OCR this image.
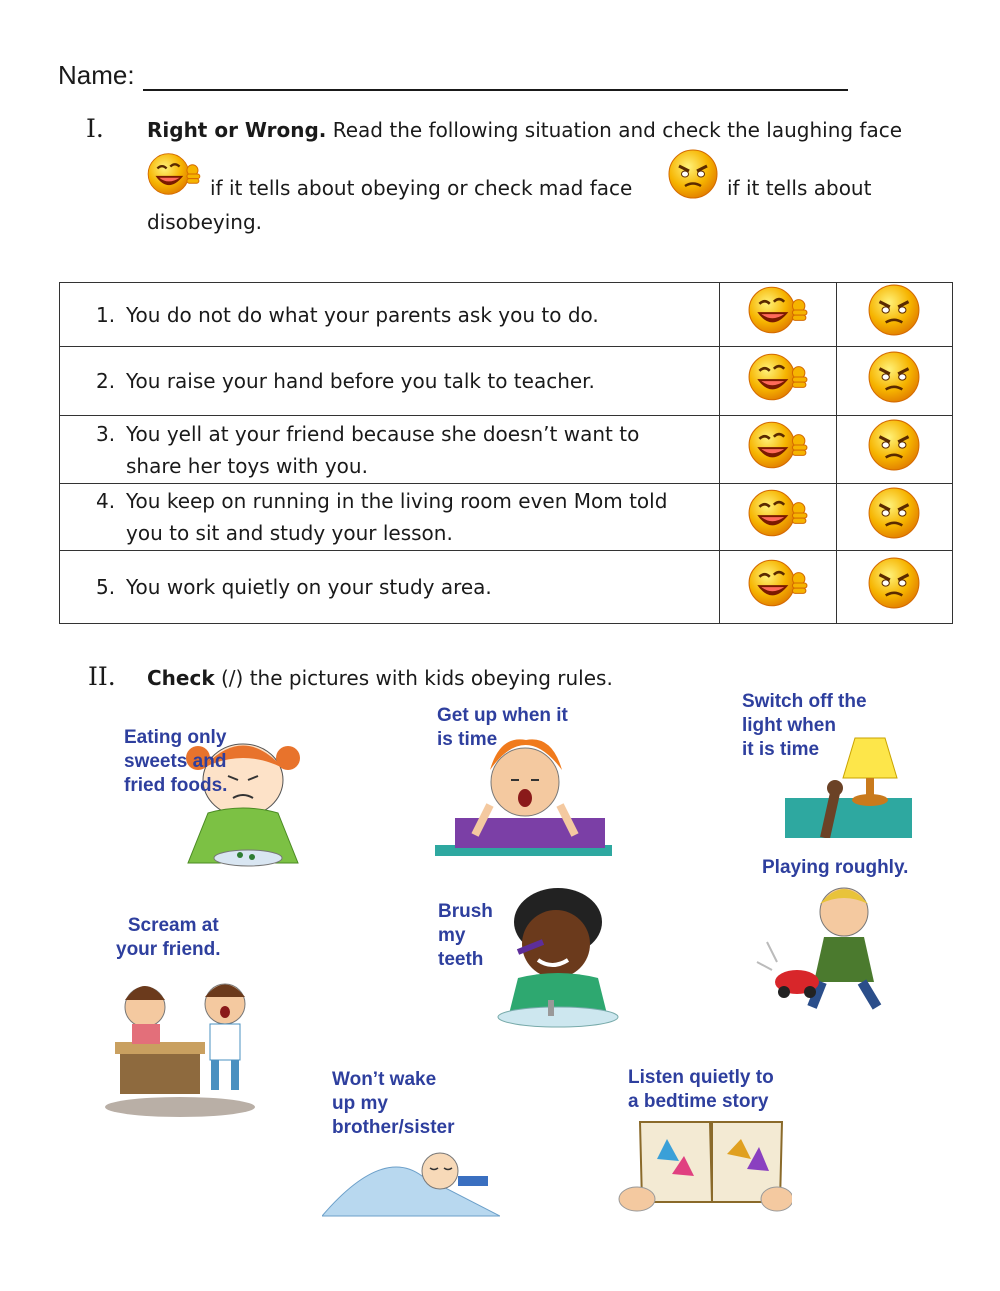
Name:
I. Right or Wrong. Read the following situation and check the laughing face
if it tells about obeying or check mad face	if it tells about
disobeying.
1. You do not do what your parents ask you to do.

2. You raise your hand before you talk to teacher.

3. You yell at your friend because she doesn’t want to
share her toys with you.

4. You keep on running in the living room even Mom told
you to sit and study your lesson.

5. You work quietly on your study area.

II. Check (/) the pictures with kids obeying rules.
Eating only
sweets and
fried foods.
Get up when it
is time
Switch off the
light when
it is time
Playing roughly.
Scream at
your friend.
Brush
my
teeth
Won’t wake
up my
brother/sister
Listen quietly to
a bedtime story
